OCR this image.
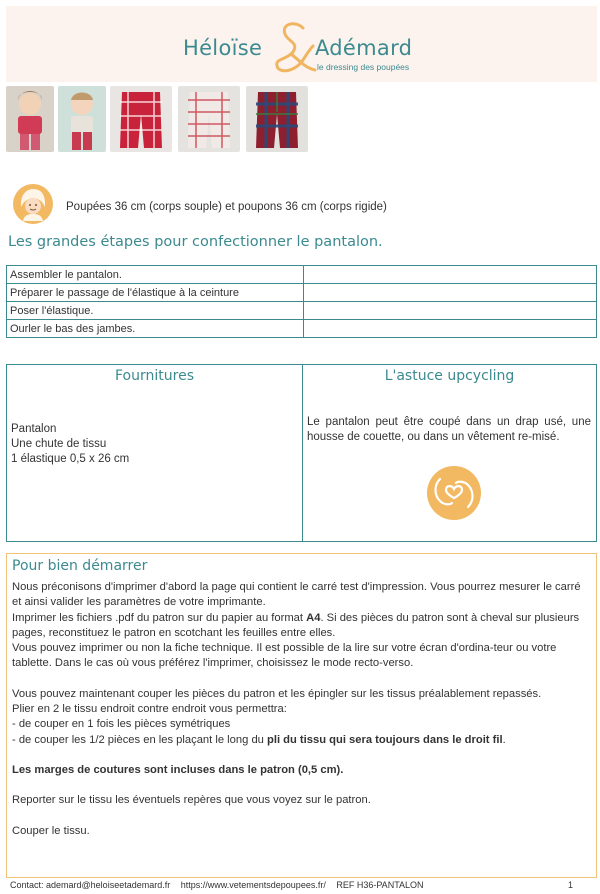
Héloïse	Adémard
le dressing des poupées
Poupées 36 cm (corps souple) et poupons 36 cm (corps rigide)
Les grandes étapes pour confectionner le pantalon.
Assembler le pantalon.	
Préparer le passage de l'élastique à la ceinture	
Poser l'élastique.	
Ourler le bas des jambes.	
Fournitures
Pantalon
Une chute de tissu
1 élastique 0,5 x 26 cm
L'astuce upcycling
Le pantalon peut être coupé dans un drap usé, une housse de couette, ou dans un vêtement re-misé.
Pour bien démarrer

Nous préconisons d'imprimer d'abord la page qui contient le carré test d'impression. Vous pourrez mesurer le carré et ainsi valider les paramètres de votre imprimante.

Imprimer les fichiers .pdf du patron sur du papier au format A4. Si des pièces du patron sont à cheval sur plusieurs pages, reconstituez le patron en scotchant les feuilles entre elles.

Vous pouvez imprimer ou non la fiche technique. Il est possible de la lire sur votre écran d'ordina-teur ou votre tablette. Dans le cas où vous préférez l'imprimer, choisissez le mode recto-verso.

Vous pouvez maintenant couper les pièces du patron et les épingler sur les tissus préalablement repassés.

Plier en 2 le tissu endroit contre endroit vous permettra:

- de couper en 1 fois les pièces symétriques

- de couper les 1/2 pièces en les plaçant le long du pli du tissu qui sera toujours dans le droit fil.

Les marges de coutures sont incluses dans le patron (0,5 cm).

Reporter sur le tissu les éventuels repères que vous voyez sur le patron.

Couper le tissu.

Contact: ademard@heloiseetademard.fr https://www.vetementsdepoupees.fr/ REF H36-PANTALON	1
